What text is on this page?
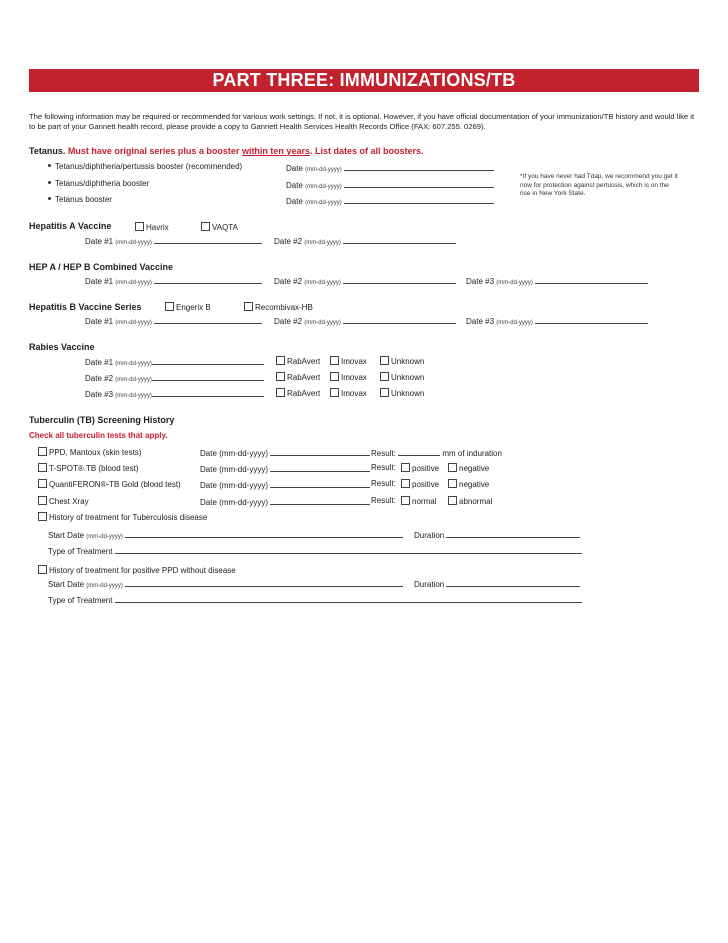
PART THREE: IMMUNIZATIONS/TB
The following information may be required or recommended for various work settings. If not, it is optional. However, if you have official documentation of your immunization/TB history and would like it to be part of your Gannett health record, please provide a copy to Gannett Health Services Health Records Office (FAX: 607.255. 0269).
Tetanus. Must have original series plus a booster within ten years. List dates of all boosters.
Tetanus/diphtheria/pertussis booster (recommended)	Date (mm-dd-yyyy)
Tetanus/diphtheria booster	Date (mm-dd-yyyy)
Tetanus booster	Date (mm-dd-yyyy)
*If you have never had Tdap, we recommend you get it now for protection against pertussis, which is on the rise in New York State.
Hepatitis A Vaccine	Havrix	VAQTA
Date #1 (mm-dd-yyyy)	Date #2 (mm-dd-yyyy)
HEP A / HEP B Combined Vaccine
Date #1 (mm-dd-yyyy)	Date #2 (mm-dd-yyyy)	Date #3 (mm-dd-yyyy)
Hepatitis B Vaccine Series	Engerix B	Recombivax-HB
Date #1 (mm-dd-yyyy)	Date #2 (mm-dd-yyyy)	Date #3 (mm-dd-yyyy)
Rabies Vaccine
Date #1 (mm-dd-yyyy)	RabAvert	Imovax	Unknown
Date #2 (mm-dd-yyyy)	RabAvert	Imovax	Unknown
Date #3 (mm-dd-yyyy)	RabAvert	Imovax	Unknown
Tuberculin (TB) Screening History
Check all tuberculin tests that apply.
PPD, Mantoux (skin tests)	Date (mm-dd-yyyy)	Result:	mm of induration
T-SPOT®.TB (blood test)	Date (mm-dd-yyyy)	Result:	positive	negative
QuantiFERON®-TB Gold (blood test) Date (mm-dd-yyyy)	Result:	positive	negative
Chest Xray	Date (mm-dd-yyyy)	Result:	normal	abnormal
History of treatment for Tuberculosis disease
Start Date (mm-dd-yyyy)	Duration
Type of Treatment
History of treatment for positive PPD without disease
Start Date (mm-dd-yyyy)	Duration
Type of Treatment
